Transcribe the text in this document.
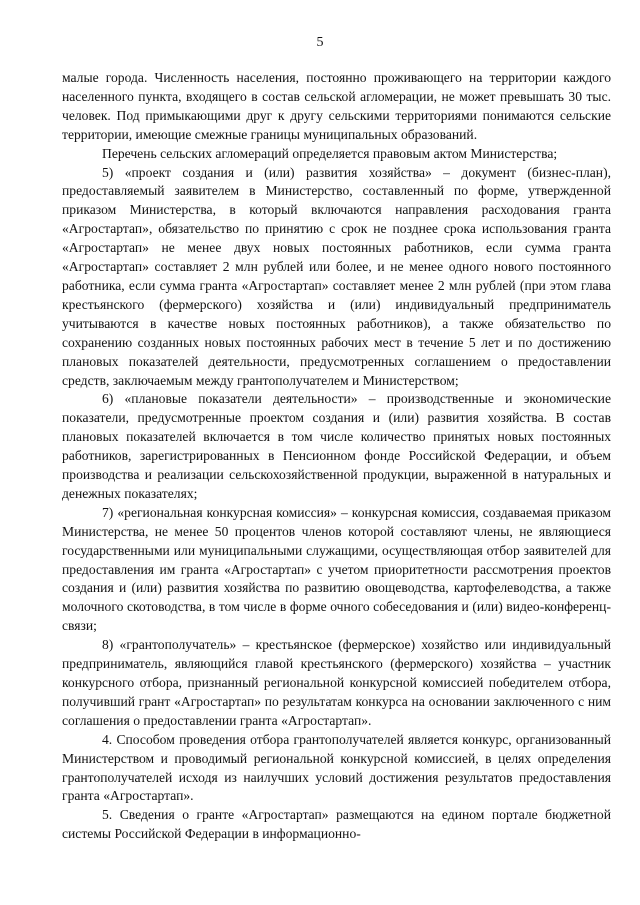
5

малые города. Численность населения, постоянно проживающего на территории каждого населенного пункта, входящего в состав сельской агломерации, не может превышать 30 тыс. человек. Под примыкающими друг к другу сельскими территориями понимаются сельские территории, имеющие смежные границы муниципальных образований.

Перечень сельских агломераций определяется правовым актом Министерства;

5) «проект создания и (или) развития хозяйства» – документ (бизнес-план), предоставляемый заявителем в Министерство, составленный по форме, утвержденной приказом Министерства, в который включаются направления расходования гранта «Агростартап», обязательство по принятию с срок не позднее срока использования гранта «Агростартап» не менее двух новых постоянных работников, если сумма гранта «Агростартап» составляет 2 млн рублей или более, и не менее одного нового постоянного работника, если сумма гранта «Агростартап» составляет менее 2 млн рублей (при этом глава крестьянского (фермерского) хозяйства и (или) индивидуальный предприниматель учитываются в качестве новых постоянных работников), а также обязательство по сохранению созданных новых постоянных рабочих мест в течение 5 лет и по достижению плановых показателей деятельности, предусмотренных соглашением о предоставлении средств, заключаемым между грантополучателем и Министерством;

6) «плановые показатели деятельности» – производственные и экономические показатели, предусмотренные проектом создания и (или) развития хозяйства. В состав плановых показателей включается в том числе количество принятых новых постоянных работников, зарегистрированных в Пенсионном фонде Российской Федерации, и объем производства и реализации сельскохозяйственной продукции, выраженной в натуральных и денежных показателях;

7) «региональная конкурсная комиссия» – конкурсная комиссия, создаваемая приказом Министерства, не менее 50 процентов членов которой составляют члены, не являющиеся государственными или муниципальными служащими, осуществляющая отбор заявителей для предоставления им гранта «Агростартап» с учетом приоритетности рассмотрения проектов создания и (или) развития хозяйства по развитию овощеводства, картофелеводства, а также молочного скотоводства, в том числе в форме очного собеседования и (или) видео-конференц-связи;

8) «грантополучатель» – крестьянское (фермерское) хозяйство или индивидуальный предприниматель, являющийся главой крестьянского (фермерского) хозяйства – участник конкурсного отбора, признанный региональной конкурсной комиссией победителем отбора, получивший грант «Агростартап» по результатам конкурса на основании заключенного с ним соглашения о предоставлении гранта «Агростартап».

4. Способом проведения отбора грантополучателей является конкурс, организованный Министерством и проводимый региональной конкурсной комиссией, в целях определения грантополучателей исходя из наилучших условий достижения результатов предоставления гранта «Агростартап».

5. Сведения о гранте «Агростартап» размещаются на едином портале бюджетной системы Российской Федерации в информационно-
